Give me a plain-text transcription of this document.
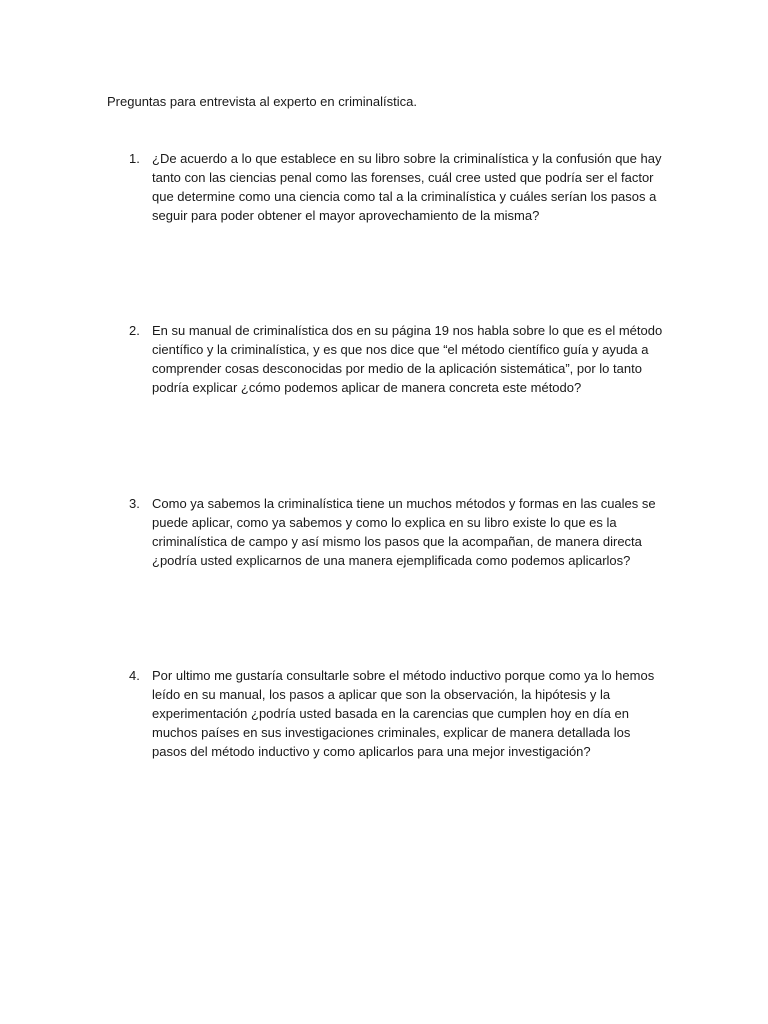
Preguntas para entrevista al experto en criminalística.
1. ¿De acuerdo a lo que establece en su libro sobre la criminalística y la confusión que hay tanto con las ciencias penal como las forenses, cuál cree usted que podría ser el factor que determine como una ciencia como tal a la criminalística y cuáles serían los pasos a seguir para poder obtener el mayor aprovechamiento de la misma?
2. En su manual de criminalística dos en su página 19 nos habla sobre lo que es el método científico y la criminalística, y es que nos dice que “el método científico guía y ayuda a comprender cosas desconocidas por medio de la aplicación sistemática”, por lo tanto podría explicar ¿cómo podemos aplicar de manera concreta este método?
3. Como ya sabemos la criminalística tiene un muchos métodos y formas en las cuales se puede aplicar, como ya sabemos y como lo explica en su libro existe lo que es la criminalística de campo y así mismo los pasos que la acompañan, de manera directa ¿podría usted explicarnos de una manera ejemplificada como podemos aplicarlos?
4. Por ultimo me gustaría consultarle sobre el método inductivo porque como ya lo hemos leído en su manual, los pasos a aplicar que son la observación, la hipótesis y la experimentación ¿podría usted basada en la carencias que cumplen hoy en día en muchos países en sus investigaciones criminales, explicar de manera detallada los pasos del método inductivo y como aplicarlos para una mejor investigación?
